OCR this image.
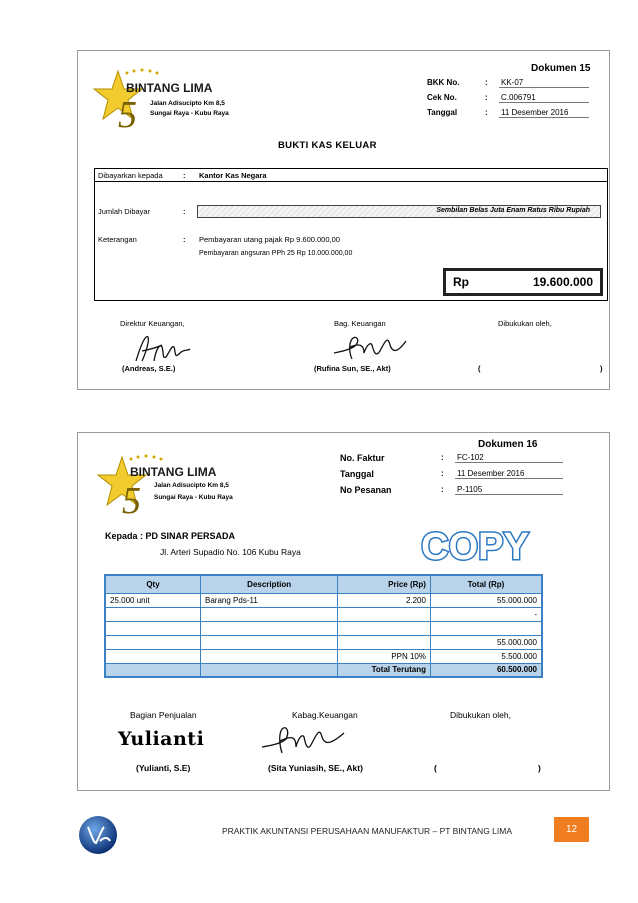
Dokumen 15
5
BINTANG LIMA
Jalan Adisucipto Km 8,5
Sungai Raya - Kubu Raya
BKK No.	: KK-07
Cek No.	: C.006791
Tanggal	: 11 Desember 2016
BUKTI KAS KELUAR
Dibayarkan kepada	: Kantor Kas Negara
Jumlah Dibayar	:	Sembilan Belas Juta Enam Ratus Ribu Rupiah
Keterangan	: Pembayaran utang pajak Rp 9.600.000,00
Pembayaran angsuran PPh 25 Rp 10.000.000,00
Rp	19.600.000
Direktur Keuangan,
(Andreas, S.E.)
Bag. Keuangan
(Rufina Sun, SE., Akt)
Dibukukan oleh,
(	)
Dokumen 16
5
BINTANG LIMA
Jalan Adisucipto Km 8,5
Sungai Raya - Kubu Raya
No. Faktur	: FC-102
Tanggal	: 11 Desember 2016
No Pesanan	: P-1105
Kepada : PD SINAR PERSADA
Jl. Arteri Supadio No. 106 Kubu Raya	COPY
Qty	Description	Price (Rp)	Total (Rp)
25.000 unit	Barang Pds-11	2.200	55.000.000
			-

			55.000.000
		PPN 10%	5.500.000
		Total Terutang	60.500.000
Bagian Penjualan
Yulianti
(Yulianti, S.E)
Kabag.Keuangan
(Sita Yuniasih, SE., Akt)
Dibukukan oleh,
(	)
PRAKTIK AKUNTANSI PERUSAHAAN MANUFAKTUR – PT BINTANG LIMA	12
